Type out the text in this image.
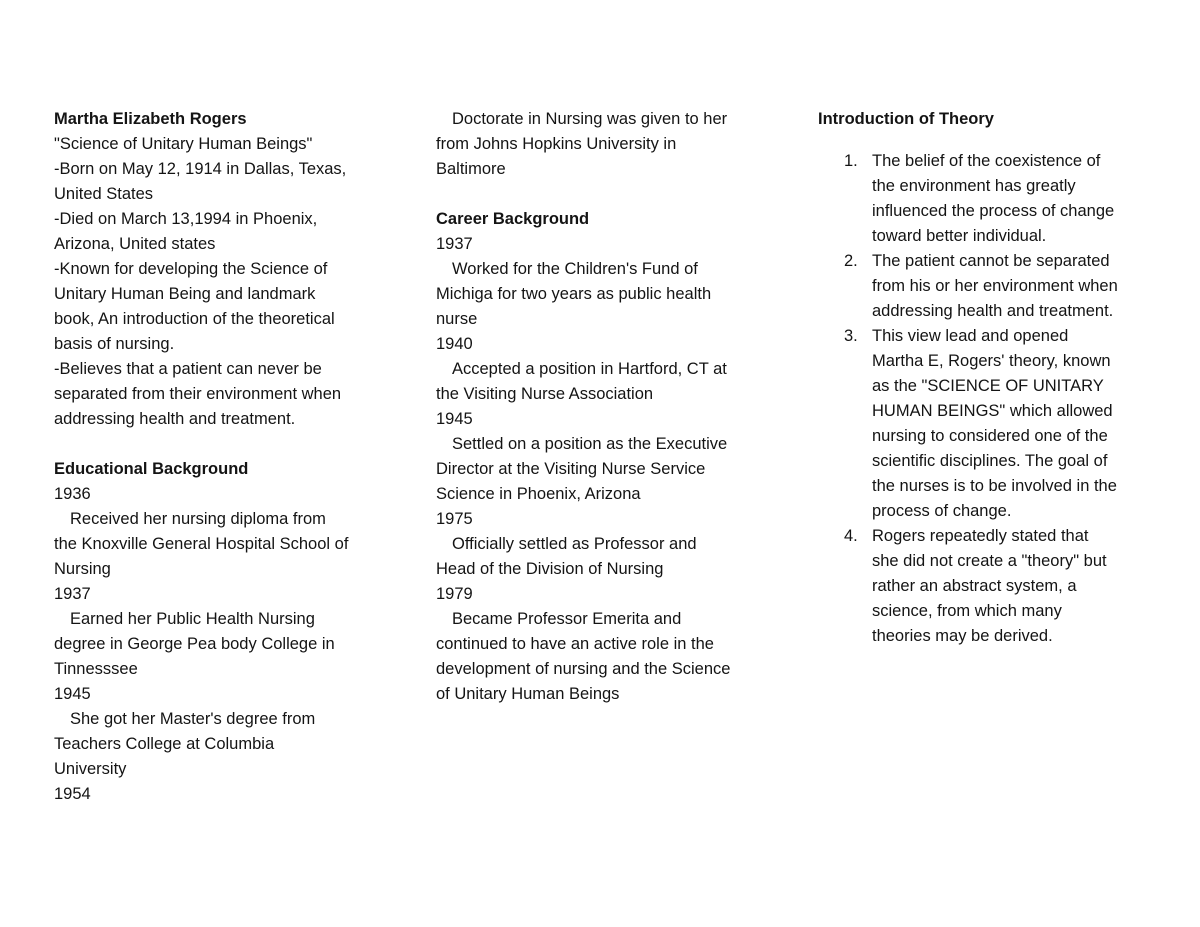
Martha Elizabeth Rogers
"Science of Unitary Human Beings"
-Born on May 12, 1914 in Dallas, Texas,
United States
-Died on March 13,1994 in Phoenix,
Arizona, United states
-Known for developing the Science of
Unitary Human Being and landmark
book, An introduction of the theoretical
basis of nursing.
-Believes that a patient can never be
separated from their environment when
addressing health and treatment.
Educational Background
1936
Received her nursing diploma from
the Knoxville General Hospital School of
Nursing
1937
Earned her Public Health Nursing
degree in George Pea body College in
Tinnesssee
1945
She got her Master's degree from
Teachers College at Columbia
University
1954
Doctorate in Nursing was given to her
from Johns Hopkins University in
Baltimore
Career Background
1937
Worked for the Children's Fund of
Michiga for two years as public health
nurse
1940
Accepted a position in Hartford, CT at
the Visiting Nurse Association
1945
Settled on a position as the Executive
Director at the Visiting Nurse Service
Science in Phoenix, Arizona
1975
Officially settled as Professor and
Head of the Division of Nursing
1979
Became Professor Emerita and
continued to have an active role in the
development of nursing and the Science
of Unitary Human Beings
Introduction of Theory
1. The belief of the coexistence of
the environment has greatly
influenced the process of change
toward better individual.
2. The patient cannot be separated
from his or her environment when
addressing health and treatment.
3. This view lead and opened
Martha E, Rogers' theory, known
as the "SCIENCE OF UNITARY
HUMAN BEINGS" which allowed
nursing to considered one of the
scientific disciplines. The goal of
the nurses is to be involved in the
process of change.
4. Rogers repeatedly stated that
she did not create a "theory" but
rather an abstract system, a
science, from which many
theories may be derived.
